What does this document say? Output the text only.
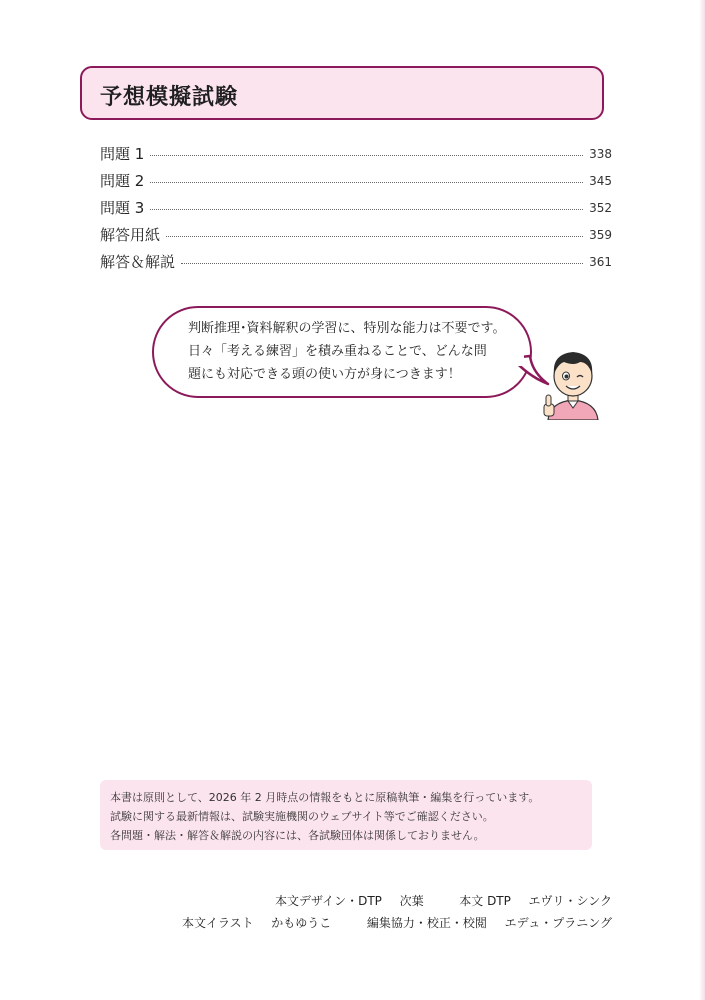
予想模擬試験
問題 1	338
問題 2	345
問題 3	352
解答用紙	359
解答＆解説	361
判断推理･資料解釈の学習に、特別な能力は不要です。
日々「考える練習」を積み重ねることで、どんな問
題にも対応できる頭の使い方が身につきます！
本書は原則として、2026 年 2 月時点の情報をもとに原稿執筆・編集を行っています。
試験に関する最新情報は、試験実施機関のウェブサイト等でご確認ください。
各問題・解法・解答＆解説の内容には、各試験団体は関係しておりません。
本文デザイン・DTP 次葉	本文 DTP エヴリ・シンク
本文イラスト かもゆうこ	編集協力・校正・校閲 エデュ・プラニング
